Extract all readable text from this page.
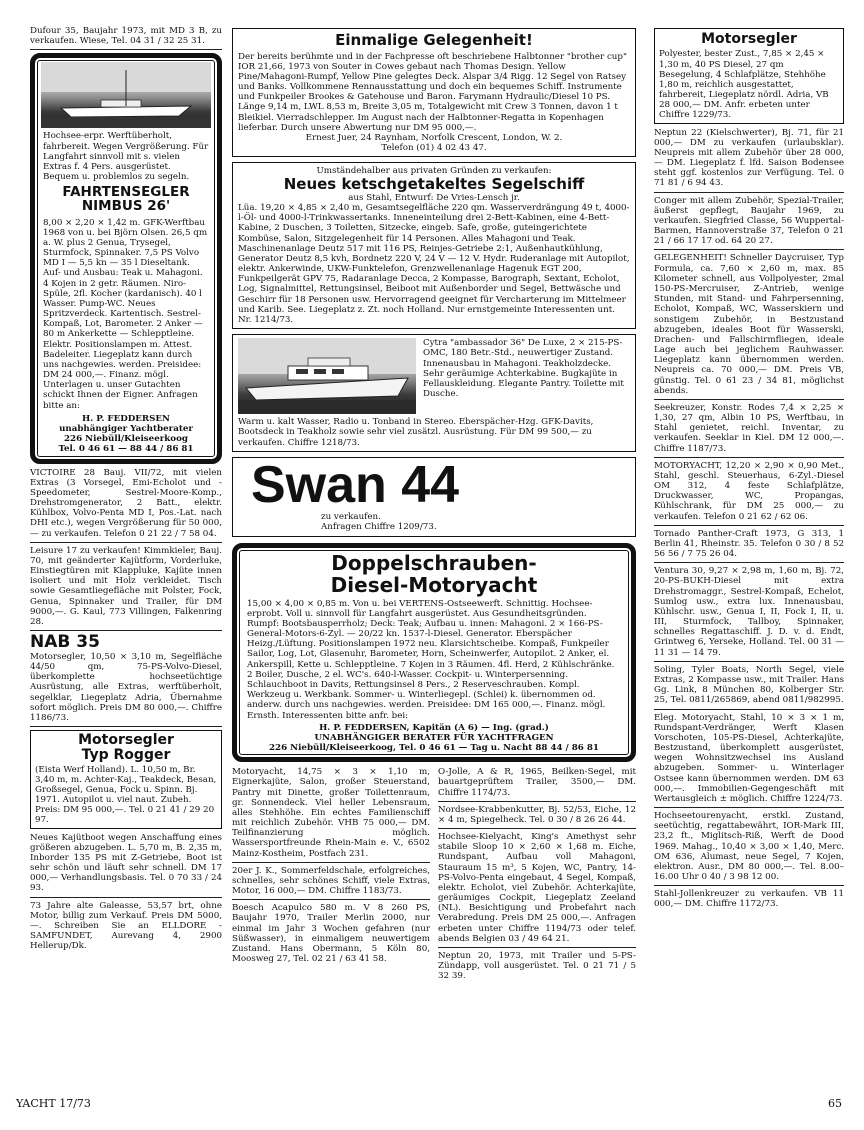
Dufour 35, Baujahr 1973, mit MD 3 B, zu verkaufen. Wiese, Tel. 04 31 / 32 25 31.

Hochsee-erpr. Werftüberholt, fahrbereit. Wegen Vergrößerung. Für Langfahrt sinnvoll mit s. vielen Extras f. 4 Pers. ausgerüstet. Bequem u. problemlos zu segeln.

FAHRTENSEGLER NIMBUS 26'

8,00 × 2,20 × 1,42 m. GFK-Werftbau 1968 von u. bei Björn Olsen. 26,5 qm a. W. plus 2 Genua, Trysegel, Sturmfock, Spinnaker. 7,5 PS Volvo MD I — 5,5 kn — 35 l Dieseltank. Auf- und Ausbau: Teak u. Mahagoni. 4 Kojen in 2 getr. Räumen. Niro-Spüle, 2fl. Kocher (kardanisch). 40 l Wasser. Pump-WC. Neues Spritzverdeck. Kartentisch. Sestrel-Kompaß, Lot, Barometer. 2 Anker — 80 m Ankerkette — Schlepptleine. Elektr. Positionslampen m. Attest. Badeleiter. Liegeplatz kann durch uns nachgewies. werden. Preisidee: DM 24 000,—. Finanz. mögl. Unterlagen u. unser Gutachten schickt Ihnen der Eigner. Anfragen bitte an:

H. P. FEDDERSEN
unabhängiger Yachtberater
226 Niebüll/Kleiseerkoog
Tel. 0 46 61 — 88 44 / 86 81

VICTOIRE 28 Bauj. VII/72, mit vielen Extras (3 Vorsegel, Emi-Echolot und -Speedometer, Sestrel-Moore-Komp., Drehstromgenerator, 2 Batt., elektr. Kühlbox, Volvo-Penta MD I, Pos.-Lat. nach DHI etc.), wegen Vergrößerung für 50 000,— zu verkaufen. Telefon 0 21 22 / 7 58 04.

Leisure 17 zu verkaufen! Kimmkieler, Bauj. 70, mit geänderter Kajütform, Vorderluke, Einstiegtüren mit Klappluke, Kajüte innen isoliert und mit Holz verkleidet. Tisch sowie Gesamtliegefläche mit Polster, Fock, Genua, Spinnaker und Trailer, für DM 9000,—. G. Kaul, 773 Villingen, Falkenring 28.

NAB 35

Motorsegler, 10,50 × 3,10 m, Segelfläche 44/50 qm, 75-PS-Volvo-Diesel, überkomplette hochseetüchtige Ausrüstung, alle Extras, werftüberholt, segelklar, Liegeplatz Adria, Übernahme sofort möglich. Preis DM 80 000,—. Chiffre 1186/73.

Motorsegler
Typ Rogger

(Eista Werf Holland). L. 10,50 m, Br. 3,40 m, m. Achter-Kaj., Teakdeck, Besan, Großsegel, Genua, Fock u. Spinn. Bj. 1971. Autopilot u. viel naut. Zubeh. Preis: DM 95 000,—. Tel. 0 21 41 / 29 20 97.

Neues Kajütboot wegen Anschaffung eines größeren abzugeben. L. 5,70 m, B. 2,35 m, Inborder 135 PS mit Z-Getriebe, Boot ist sehr schön und läuft sehr schnell. DM 17 000,— Verhandlungsbasis. Tel. 0 70 33 / 24 93.

73 Jahre alte Galeasse, 53,57 brt, ohne Motor, billig zum Verkauf. Preis DM 5000,—. Schreiben Sie an ELLDORE - SAMFUNDET, Aurevang 4, 2900 Hellerup/Dk.

Einmalige Gelegenheit!

Der bereits berühmte und in der Fachpresse oft beschriebene Halbtonner "brother cup" IOR 21,66, 1973 von Souter in Cowes gebaut nach Thomas Design. Yellow Pine/Mahagoni-Rumpf, Yellow Pine gelegtes Deck. Alspar 3/4 Rigg. 12 Segel von Ratsey und Banks. Vollkommene Rennausstattung und doch ein bequemes Schiff. Instrumente und Funkpeiler Brookes & Gatehouse und Baron. Farymann Hydraulic/Diesel 10 PS. Länge 9,14 m, LWL 8,53 m, Breite 3,05 m, Totalgewicht mit Crew 3 Tonnen, davon 1 t Bleikiel. Vierradschlepper. Im August nach der Halbtonner-Regatta in Kopenhagen lieferbar. Durch unsere Abwertung nur DM 95 000,—.

Ernest Juer, 24 Raynham, Norfolk Crescent, London, W. 2.
Telefon (01) 4 02 43 47.
Umständehalber aus privaten Gründen zu verkaufen:
Neues ketschgetakeltes Segelschiff
aus Stahl, Entwurf: De Vries-Lensch jr.

Lüa. 19,20 × 4,85 × 2,40 m, Gesamtsegelfläche 220 qm. Wasserverdrängung 49 t, 4000-l-Öl- und 4000-l-Trinkwassertanks. Inneneinteilung drei 2-Bett-Kabinen, eine 4-Bett-Kabine, 2 Duschen, 3 Toiletten, Sitzecke, eingeb. Safe, große, guteingerichtete Kombüse, Salon, Sitzgelegenheit für 14 Personen. Alles Mahagoni und Teak. Maschinenanlage Deutz 517 mit 116 PS, Reinjes-Getriebe 2:1, Außenhautkühlung, Generator Deutz 8,5 kvh, Bordnetz 220 V, 24 V — 12 V. Hydr. Ruderanlage mit Autopilot, elektr. Ankerwinde, UKW-Funktelefon, Grenzwellenanlage Hagenuk EGT 200, Funkpeilgerät GPV 75, Radaranlage Decca, 2 Kompasse, Barograph, Sextant, Echolot, Log, Signalmittel, Rettungsinsel, Beiboot mit Außenborder und Segel, Bettwäsche und Geschirr für 18 Personen usw. Hervorragend geeignet für Vercharterung im Mittelmeer und Karib. See. Liegeplatz z. Zt. noch Holland. Nur ernstgemeinte Interessenten unt. Nr. 1214/73.

Cytra "ambassador 36" De Luxe, 2 × 215-PS-OMC, 180 Betr.-Std., neuwertiger Zustand. Innenausbau in Mahagoni. Teakholzdecke. Sehr geräumige Achterkabine. Bugkajüte in Fellauskleidung. Elegante Pantry. Toilette mit Dusche.

Warm u. kalt Wasser, Radio u. Tonband in Stereo. Eberspächer-Hzg. GFK-Davits, Bootsdeck in Teakholz sowie sehr viel zusätzl. Ausrüstung. Für DM 99 500,— zu verkaufen. Chiffre 1218/73.

Swan 44
zu verkaufen.
Anfragen Chiffre 1209/73.
Doppelschrauben-
Diesel-Motoryacht

15,00 × 4,00 × 0,85 m. Von u. bei VERTENS-Ostseewerft. Schnittig. Hochsee-erprobt. Voll u. sinnvoll für Langfahrt ausgerüstet. Aus Gesundheitsgründen. Rumpf: Bootsbausperrholz; Deck: Teak; Aufbau u. innen: Mahagoni. 2 × 166-PS-General-Motors-6-Zyl. — 20/22 kn. 1537-l-Diesel. Generator. Eberspächer Heizg./Lüftung. Positionslampen 1972 neu. Klarsichtscheibe. Kompaß, Funkpeiler Sailor, Log, Lot, Glasenuhr, Barometer, Horn, Scheinwerfer, Autopilot. 2 Anker, el. Ankerspill, Kette u. Schlepptleine. 7 Kojen in 3 Räumen. 4fl. Herd, 2 Kühlschränke. 2 Boiler, Dusche, 2 el. WC's. 640-l-Wasser. Cockpit- u. Winterpersenning. Schlauchboot in Davits, Rettungsinsel 8 Pers., 2 Reserveschrauben. Kompl. Werkzeug u. Werkbank. Sommer- u. Winterliegepl. (Schlei) k. übernommen od. anderw. durch uns nachgewies. werden. Preisidee: DM 165 000,—. Finanz. mögl. Ernsth. Interessenten bitte anfr. bei:

H. P. FEDDERSEN, Kapitän (A 6) — Ing. (grad.)
UNABHÄNGIGER BERATER FÜR YACHTFRAGEN
226 Niebüll/Kleiseerkoog, Tel. 0 46 61 — Tag u. Nacht 88 44 / 86 81

Motoryacht, 14,75 × 3 × 1,10 m, Eignerkajüte, Salon, großer Steuerstand, Pantry mit Dinette, großer Toilettenraum, gr. Sonnendeck. Viel heller Lebensraum, alles Stehhöhe. Ein echtes Familienschiff mit reichlich Zubehör. VHB 75 000,— DM. Teilfinanzierung möglich. Wassersportfreunde Rhein-Main e. V., 6502 Mainz-Kostheim, Postfach 231.

20er J. K., Sommerfeldschale, erfolgreiches, schnelles, sehr schönes Schiff, viele Extras, Motor, 16 000,— DM. Chiffre 1183/73.

Boesch Acapulco 580 m. V 8 260 PS, Baujahr 1970, Trailer Merlin 2000, nur einmal im Jahr 3 Wochen gefahren (nur Süßwasser), in einmaligem neuwertigem Zustand. Hans Obermann, 5 Köln 80, Moosweg 27, Tel. 02 21 / 63 41 58.

O-Jolle, A & R, 1965, Beilken-Segel, mit bauartgeprüftem Trailer, 3500,— DM. Chiffre 1174/73.

Nordsee-Krabbenkutter, Bj. 52/53, Eiche, 12 × 4 m, Spiegelheck. Tel. 0 30 / 8 26 26 44.

Hochsee-Kielyacht, King's Amethyst sehr stabile Sloop 10 × 2,60 × 1,68 m. Eiche, Rundspant, Aufbau voll Mahagoni, Stauraum 15 m³, 5 Kojen, WC, Pantry, 14-PS-Volvo-Penta eingebaut, 4 Segel, Kompaß, elektr. Echolot, viel Zubehör. Achterkajüte, geräumiges Cockpit, Liegeplatz Zeeland (NL). Besichtigung und Probefahrt nach Verabredung. Preis DM 25 000,—. Anfragen erbeten unter Chiffre 1194/73 oder telef. abends Belgien 03 / 49 64 21.

Neptun 20, 1973, mit Trailer und 5-PS-Zündapp, voll ausgerüstet. Tel. 0 21 71 / 5 32 39.

Motorsegler

Polyester, bester Zust., 7,85 × 2,45 × 1,30 m, 40 PS Diesel, 27 qm Besegelung, 4 Schlafplätze, Stehhöhe 1,80 m, reichlich ausgestattet, fahrbereit, Liegeplatz nördl. Adria, VB 28 000,— DM. Anfr. erbeten unter Chiffre 1229/73.

Neptun 22 (Kielschwerter), Bj. 71, für 21 000,— DM zu verkaufen (urlaubsklar). Neupreis mit allem Zubehör über 28 000,— DM. Liegeplatz f. lfd. Saison Bodensee steht ggf. kostenlos zur Verfügung. Tel. 0 71 81 / 6 94 43.

Conger mit allem Zubehör, Spezial-Trailer, äußerst gepflegt, Baujahr 1969, zu verkaufen. Siegfried Classe, 56 Wuppertal-Barmen, Hannoverstraße 37, Telefon 0 21 21 / 66 17 17 od. 64 20 27.

GELEGENHEIT! Schneller Daycruiser, Typ Formula, ca. 7,60 × 2,60 m, max. 85 Kilometer schnell, aus Vollpolyester, 2mal 150-PS-Mercruiser, Z-Antrieb, wenige Stunden, mit Stand- und Fahrpersenning, Echolot, Kompaß, WC, Wasserskiern und sonstigem Zubehör, in Bestzustand abzugeben, ideales Boot für Wasserski, Drachen- und Fallschirmfliegen, ideale Lage auch bei jeglichem Rauhwasser. Liegeplatz kann übernommen werden. Neupreis ca. 70 000,— DM. Preis VB, günstig. Tel. 0 61 23 / 34 81, möglichst abends.

Seekreuzer, Konstr. Rodes 7,4 × 2,25 × 1,30, 27 qm, Albin 10 PS, Werftbau, in Stahl genietet, reichl. Inventar, zu verkaufen. Seeklar in Kiel. DM 12 000,—. Chiffre 1187/73.

MOTORYACHT, 12,20 × 2,90 × 0,90 Met., Stahl, geschl. Steuerhaus, 6-Zyl.-Diesel OM 312, 4 feste Schlafplätze, Druckwasser, WC, Propangas, Kühlschrank, für DM 25 000,— zu verkaufen. Telefon 0 21 62 / 62 06.

Tornado Panther-Craft 1973, G 313, 1 Berlin 41, Rheinstr. 35. Telefon 0 30 / 8 52 56 56 / 7 75 26 04.

Ventura 30, 9,27 × 2,98 m, 1,60 m, Bj. 72, 20-PS-BUKH-Diesel mit extra Drehstromaggr., Sestrel-Kompaß, Echelot, Sumlog usw., extra lux. Innenausbau, Kühlschr. usw., Genua I, II, Fock I, II, u. III, Sturmfock, Tallboy, Spinnaker, schnelles Regattaschiff. J. D. v. d. Endt, Grintweg 6, Yerseke, Holland. Tel. 00 31 — 11 31 — 14 79.

Soling, Tyler Boats, North Segel, viele Extras, 2 Kompasse usw., mit Trailer. Hans Gg. Link, 8 München 80, Kolberger Str. 25, Tel. 0811/265869, abend 0811/982995.

Eleg. Motoryacht, Stahl, 10 × 3 × 1 m, Rundspant-Verdränger, Werft Klasen Vorschoten, 105-PS-Diesel, Achterkajüte, Bestzustand, überkomplett ausgerüstet, wegen Wohnsitzwechsel ins Ausland abzugeben. Sommer- u. Winterlager Ostsee kann übernommen werden. DM 63 000,—. Immobilien-Gegengeschäft mit Wertausgleich ± möglich. Chiffre 1224/73.

Hochseetourenyacht, erstkl. Zustand, seetüchtig, regattabewährt, IOR-Mark III, 23,2 ft., Miglitsch-Riß, Werft de Dood 1969. Mahag., 10,40 × 3,00 × 1,40, Merc. OM 636, Alumast, neue Segel, 7 Kojen, elektron. Ausr., DM 80 000,—. Tel. 8.00–16.00 Uhr 0 40 / 3 98 12 00.

Stahl-Jollenkreuzer zu verkaufen. VB 11 000,— DM. Chiffre 1172/73.

YACHT 17/73	65
